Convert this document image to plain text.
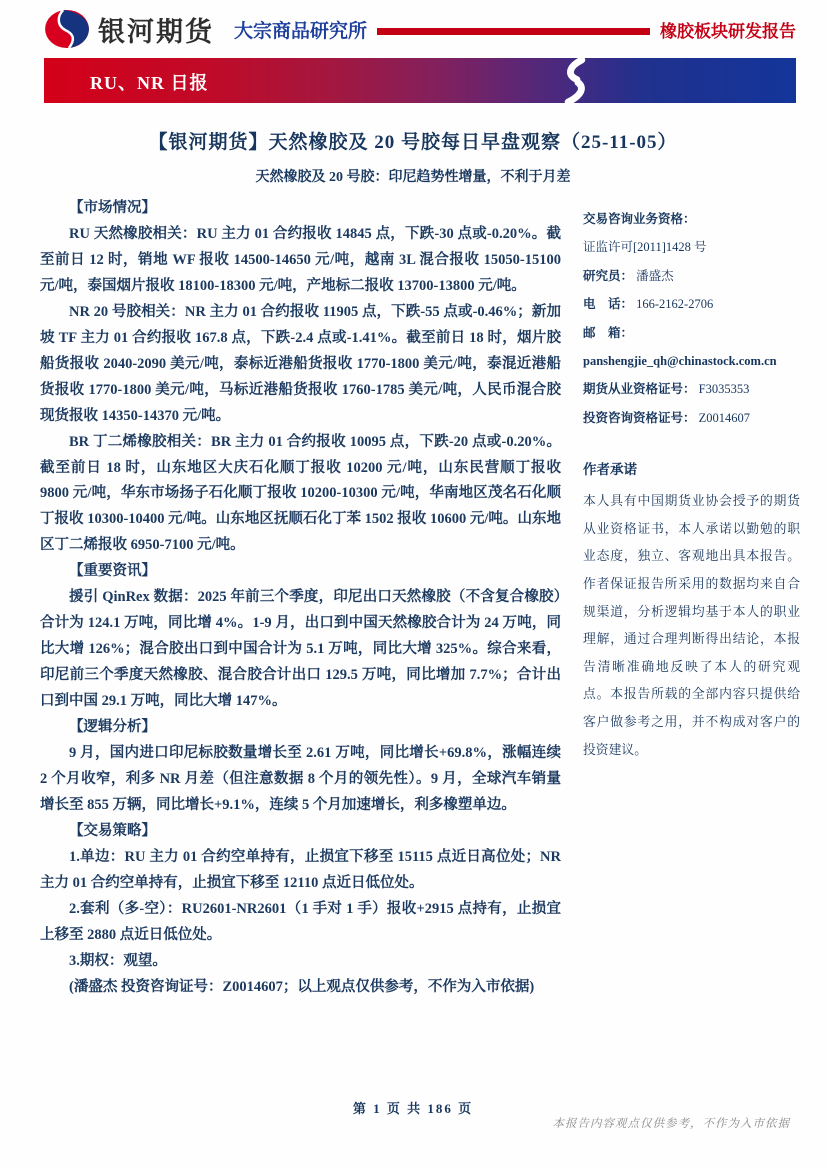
银河期货 大宗商品研究所	橡胶板块研发报告
RU、NR 日报
【银河期货】天然橡胶及 20 号胶每日早盘观察（25-11-05）
天然橡胶及 20 号胶：印尼趋势性增量，不利于月差

【市场情况】

RU 天然橡胶相关：RU 主力 01 合约报收 14845 点，下跌-30 点或-0.20%。截至前日 12 时，销地 WF 报收 14500-14650 元/吨，越南 3L 混合报收 15050-15100 元/吨，泰国烟片报收 18100-18300 元/吨，产地标二报收 13700-13800 元/吨。

NR 20 号胶相关：NR 主力 01 合约报收 11905 点，下跌-55 点或-0.46%；新加坡 TF 主力 01 合约报收 167.8 点，下跌-2.4 点或-1.41%。截至前日 18 时，烟片胶船货报收 2040-2090 美元/吨，泰标近港船货报收 1770-1800 美元/吨，泰混近港船货报收 1770-1800 美元/吨，马标近港船货报收 1760-1785 美元/吨，人民币混合胶现货报收 14350-14370 元/吨。

BR 丁二烯橡胶相关：BR 主力 01 合约报收 10095 点，下跌-20 点或-0.20%。截至前日 18 时，山东地区大庆石化顺丁报收 10200 元/吨，山东民营顺丁报收 9800 元/吨，华东市场扬子石化顺丁报收 10200-10300 元/吨，华南地区茂名石化顺丁报收 10300-10400 元/吨。山东地区抚顺石化丁苯 1502 报收 10600 元/吨。山东地区丁二烯报收 6950-7100 元/吨。

【重要资讯】

援引 QinRex 数据：2025 年前三个季度，印尼出口天然橡胶（不含复合橡胶）合计为 124.1 万吨，同比增 4%。1-9 月，出口到中国天然橡胶合计为 24 万吨，同比大增 126%；混合胶出口到中国合计为 5.1 万吨，同比大增 325%。综合来看，印尼前三个季度天然橡胶、混合胶合计出口 129.5 万吨，同比增加 7.7%；合计出口到中国 29.1 万吨，同比大增 147%。

【逻辑分析】

9 月，国内进口印尼标胶数量增长至 2.61 万吨，同比增长+69.8%，涨幅连续 2 个月收窄，利多 NR 月差（但注意数据 8 个月的领先性）。9 月，全球汽车销量增长至 855 万辆，同比增长+9.1%，连续 5 个月加速增长，利多橡塑单边。

【交易策略】

1.单边：RU 主力 01 合约空单持有，止损宜下移至 15115 点近日高位处；NR 主力 01 合约空单持有，止损宜下移至 12110 点近日低位处。

2.套利（多-空）：RU2601-NR2601（1 手对 1 手）报收+2915 点持有，止损宜上移至 2880 点近日低位处。

3.期权：观望。

(潘盛杰 投资咨询证号：Z0014607；以上观点仅供参考，不作为入市依据)

交易咨询业务资格：
证监许可[2011]1428 号
研究员： 潘盛杰
电　话： 166-2162-2706
邮　箱：
panshengjie_qh@chinastock.com.cn
期货从业资格证号： F3035353
投资咨询资格证号： Z0014607
作者承诺
本人具有中国期货业协会授予的期货从业资格证书，本人承诺以勤勉的职业态度，独立、客观地出具本报告。作者保证报告所采用的数据均来自合规渠道，分析逻辑均基于本人的职业理解，通过合理判断得出结论，本报告清晰准确地反映了本人的研究观点。本报告所载的全部内容只提供给客户做参考之用，并不构成对客户的投资建议。
第 1 页 共 186 页
本报告内容观点仅供参考，不作为入市依据
